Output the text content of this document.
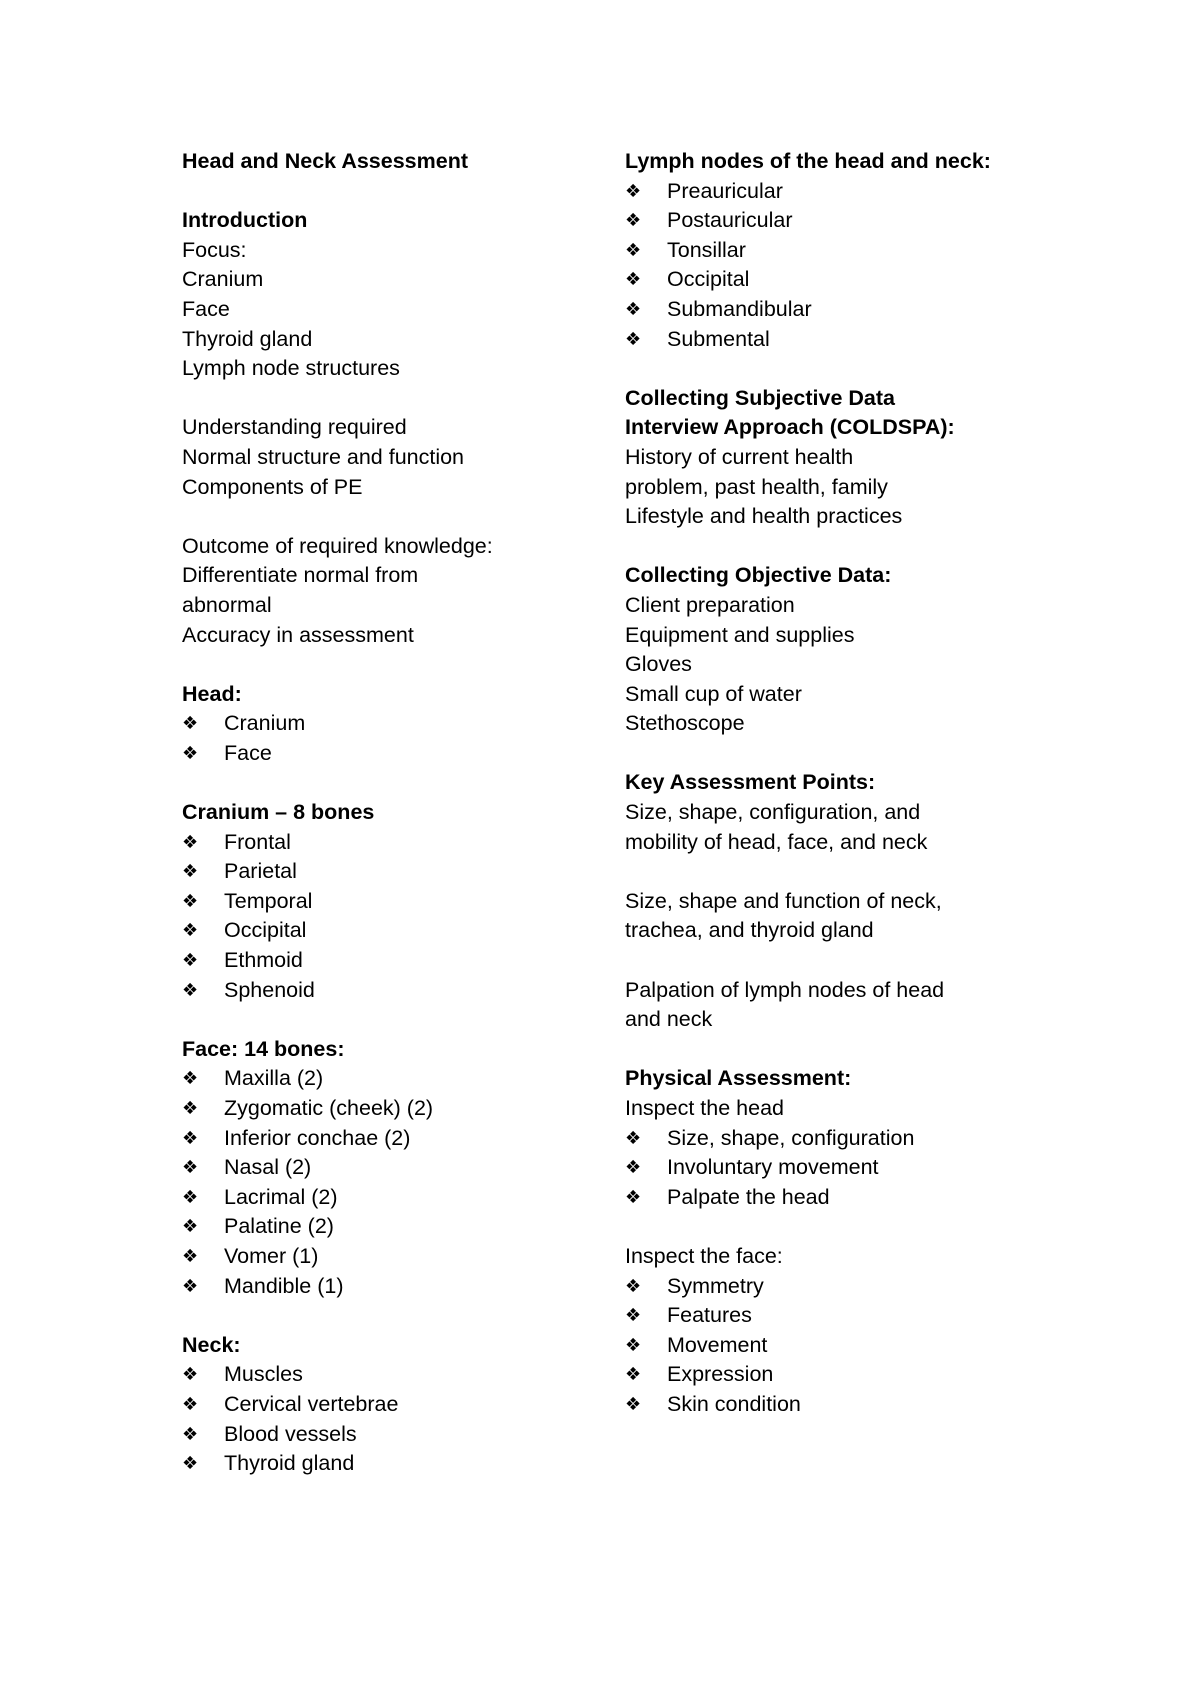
Head and Neck Assessment
Introduction
Focus:
Cranium
Face
Thyroid gland
Lymph node structures
Understanding required
Normal structure and function
Components of PE
Outcome of required knowledge:
Differentiate normal from
abnormal
Accuracy in assessment
Head:
❖	Cranium
❖	Face
Cranium – 8 bones
❖	Frontal
❖	Parietal
❖	Temporal
❖	Occipital
❖	Ethmoid
❖	Sphenoid
Face: 14 bones:
❖	Maxilla (2)
❖	Zygomatic (cheek) (2)
❖	Inferior conchae (2)
❖	Nasal (2)
❖	Lacrimal (2)
❖	Palatine (2)
❖	Vomer (1)
❖	Mandible (1)
Neck:
❖	Muscles
❖	Cervical vertebrae
❖	Blood vessels
❖	Thyroid gland
Lymph nodes of the head and neck:
❖	Preauricular
❖	Postauricular
❖	Tonsillar
❖	Occipital
❖	Submandibular
❖	Submental
Collecting Subjective Data
Interview Approach (COLDSPA):
History of current health
problem, past health, family
Lifestyle and health practices
Collecting Objective Data:
Client preparation
Equipment and supplies
Gloves
Small cup of water
Stethoscope
Key Assessment Points:
Size, shape, configuration, and
mobility of head, face, and neck
Size, shape and function of neck,
trachea, and thyroid gland
Palpation of lymph nodes of head
and neck
Physical Assessment:
Inspect the head
❖	Size, shape, configuration
❖	Involuntary movement
❖	Palpate the head
Inspect the face:
❖	Symmetry
❖	Features
❖	Movement
❖	Expression
❖	Skin condition
